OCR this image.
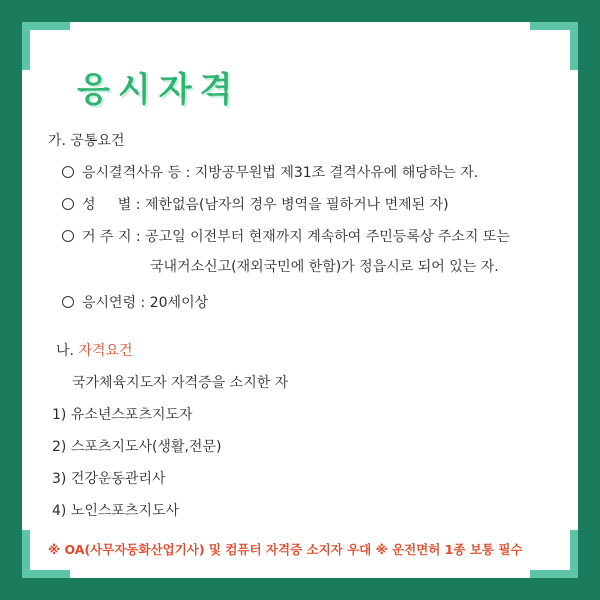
응시자격
가. 공통요건
응시결격사유 등 : 지방공무원법 제31조 결격사유에 해당하는 자.
성     별 : 제한없음(남자의 경우 병역을 필하거나 면제된 자)
거 주 지 : 공고일 이전부터 현재까지 계속하여 주민등록상 주소지 또는
국내거소신고(재외국민에 한함)가 정읍시로 되어 있는 자.
응시연령 : 20세이상
나. 자격요건
국가체육지도자 자격증을 소지한 자
1) 유소년스포츠지도자
2) 스포츠지도사(생활,전문)
3) 건강운동관리사
4) 노인스포츠지도사
※ OA(사무자동화산업기사) 및 컴퓨터 자격증 소지자 우대 ※ 운전면허 1종 보통 필수
